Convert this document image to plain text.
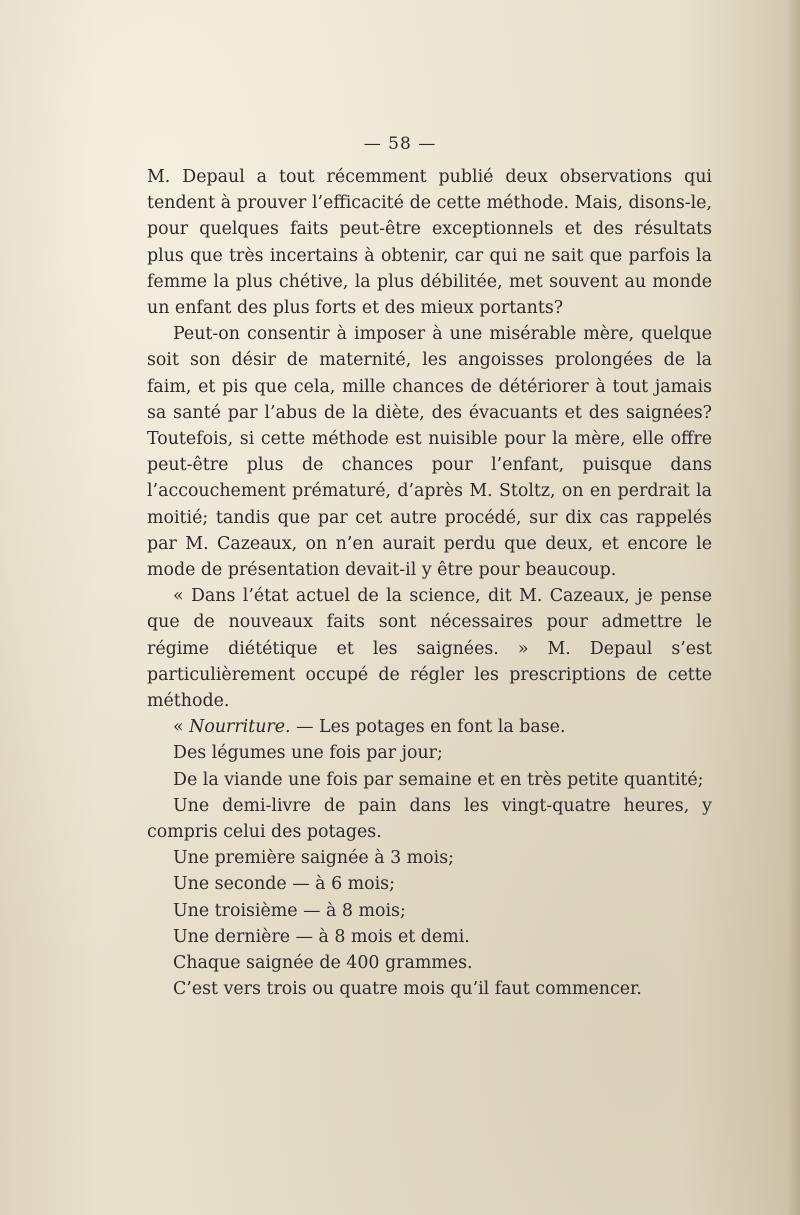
— 58 —

M. Depaul a tout récemment publié deux observations qui tendent à prouver l’efficacité de cette méthode. Mais, disons-le, pour quelques faits peut-être exceptionnels et des résultats plus que très incertains à obtenir, car qui ne sait que parfois la femme la plus chétive, la plus débilitée, met souvent au monde un enfant des plus forts et des mieux portants?

Peut-on consentir à imposer à une misérable mère, quelque soit son désir de maternité, les angoisses prolongées de la faim, et pis que cela, mille chances de détériorer à tout jamais sa santé par l’abus de la diète, des évacuants et des saignées? Toutefois, si cette méthode est nuisible pour la mère, elle offre peut-être plus de chances pour l’enfant, puisque dans l’accouchement prématuré, d’après M. Stoltz, on en perdrait la moitié; tandis que par cet autre procédé, sur dix cas rappelés par M. Cazeaux, on n’en aurait perdu que deux, et encore le mode de présentation devait-il y être pour beaucoup.

« Dans l’état actuel de la science, dit M. Cazeaux, je pense que de nouveaux faits sont nécessaires pour admettre le régime diététique et les saignées. » M. Depaul s’est particulièrement occupé de régler les prescriptions de cette méthode.

« Nourriture. — Les potages en font la base.

Des légumes une fois par jour;

De la viande une fois par semaine et en très petite quantité;

Une demi-livre de pain dans les vingt-quatre heures, y compris celui des potages.

Une première saignée à 3 mois;

Une seconde — à 6 mois;

Une troisième — à 8 mois;

Une dernière — à 8 mois et demi.

Chaque saignée de 400 grammes.

C’est vers trois ou quatre mois qu’il faut commencer.
